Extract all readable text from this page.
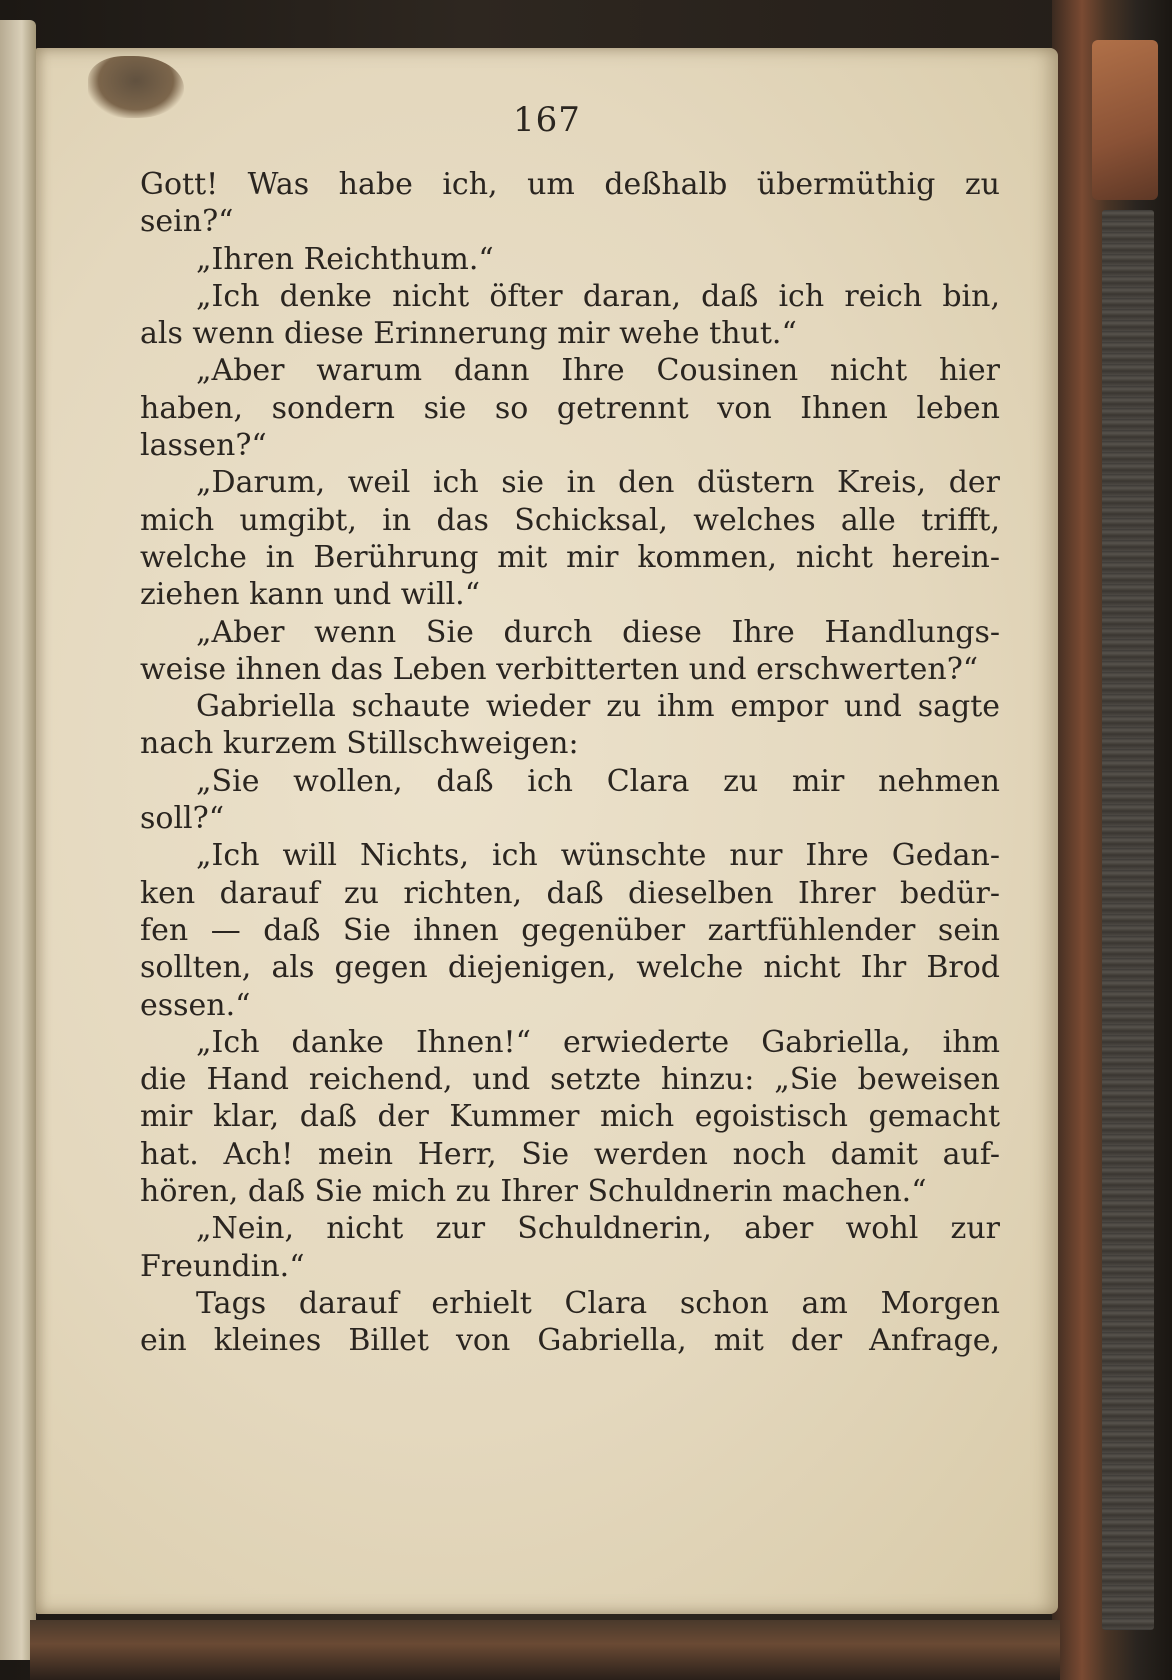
167
Gott! Was habe ich, um deßhalb übermüthig zu
sein?“
„Ihren Reichthum.“
„Ich denke nicht öfter daran, daß ich reich bin,
als wenn diese Erinnerung mir wehe thut.“
„Aber warum dann Ihre Cousinen nicht hier
haben, sondern sie so getrennt von Ihnen leben
lassen?“
„Darum, weil ich sie in den düstern Kreis, der
mich umgibt, in das Schicksal, welches alle trifft,
welche in Berührung mit mir kommen, nicht herein-
ziehen kann und will.“
„Aber wenn Sie durch diese Ihre Handlungs-
weise ihnen das Leben verbitterten und erschwerten?“
Gabriella schaute wieder zu ihm empor und sagte
nach kurzem Stillschweigen:
„Sie wollen, daß ich Clara zu mir nehmen
soll?“
„Ich will Nichts, ich wünschte nur Ihre Gedan-
ken darauf zu richten, daß dieselben Ihrer bedür-
fen — daß Sie ihnen gegenüber zartfühlender sein
sollten, als gegen diejenigen, welche nicht Ihr Brod
essen.“
„Ich danke Ihnen!“ erwiederte Gabriella, ihm
die Hand reichend, und setzte hinzu: „Sie beweisen
mir klar, daß der Kummer mich egoistisch gemacht
hat. Ach! mein Herr, Sie werden noch damit auf-
hören, daß Sie mich zu Ihrer Schuldnerin machen.“
„Nein, nicht zur Schuldnerin, aber wohl zur
Freundin.“
Tags darauf erhielt Clara schon am Morgen
ein kleines Billet von Gabriella, mit der Anfrage,
